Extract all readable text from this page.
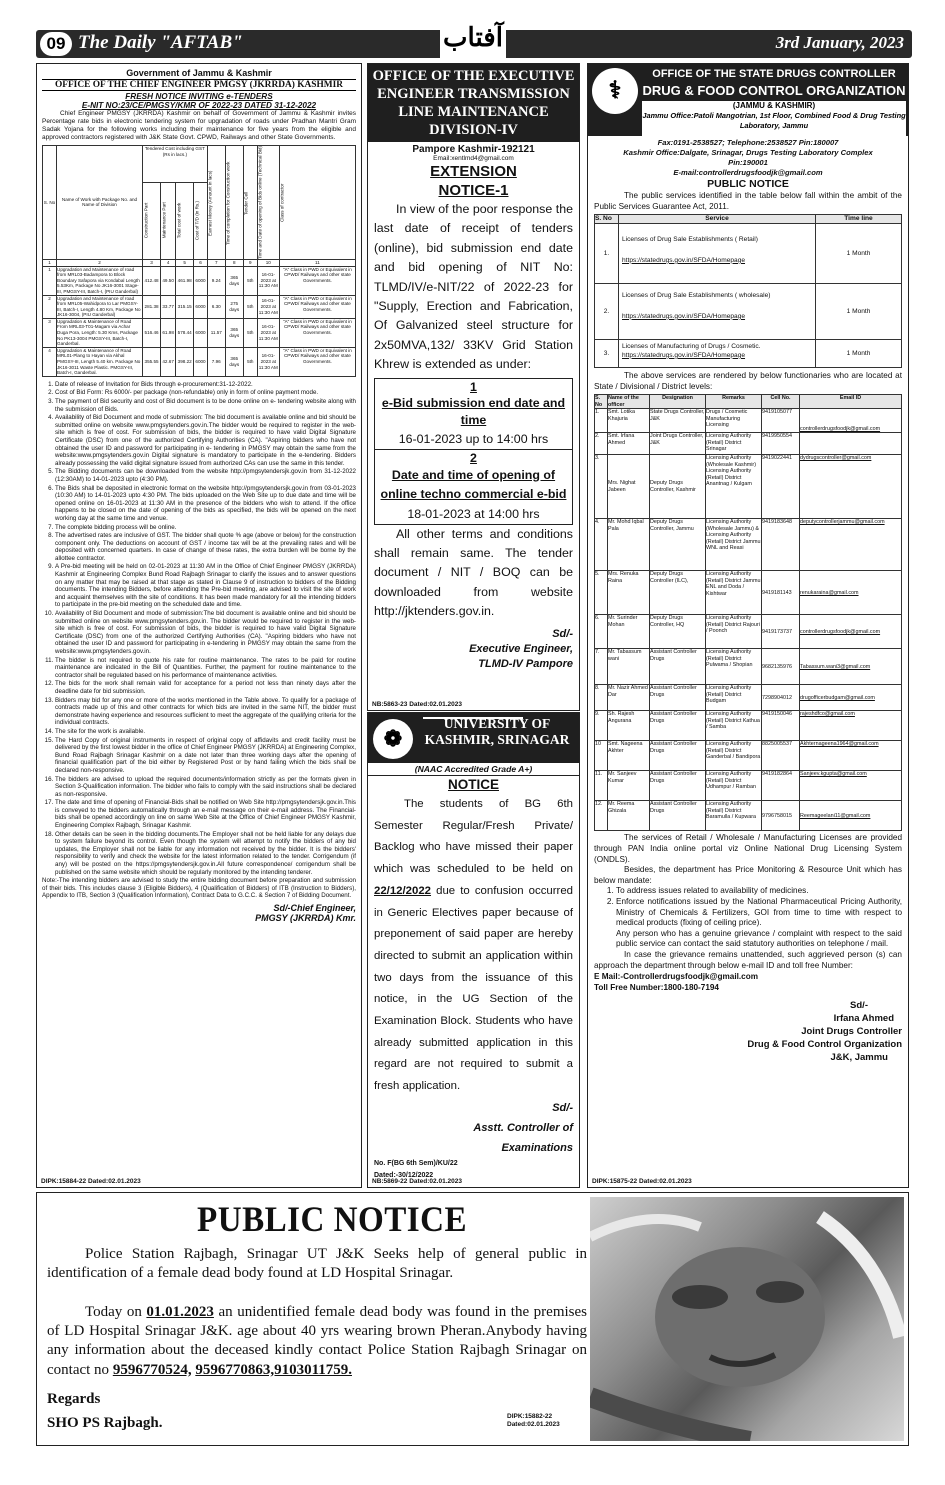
09 The Daily "AFTAB"	3rd January, 2023
آفتاب
Government of Jammu & Kashmir
OFFICE OF THE CHIEF ENGINEER PMGSY (JKRRDA) KASHMIR
FRESH NOTICE INVITING e-TENDERS
E-NIT NO:23/CE/PMGSY/KMR OF 2022-23 DATED 31-12-2022
Chief Engineer PMGSY (JKRRDA) Kashmir on behalf of Government of Jammu & Kashmir invites Percentage rate bids in electronic tendering system for upgradation of roads under Pradhan Mantri Gram Sadak Yojana for the following works including their maintenance for five years from the eligible and approved contractors registered with J&K State Govt. CPWD, Railways and other State Governments.
S. No	Name of Work with Package No. and Name of Division	Tendered Cost including GST (Rs in lacs.)				Earnest Money (Amount in lacs)	Time of completion for Construction work	Tender Cell	Time and Date of opening of Bids online (Technical Bid)	Class of contractor
		Construction Part	Maintenance Part	Total cost of work	Cost of T/D (in Rs.)					
1	2	3	4	5	6	7	8	9	10	11
1	Upgradation and Maintenance of road from MRL03-Badampora to Block Boundary Safapora via Kondabal Length 5.53Km, Package No JK16-3001 Stage-III, PMGSY-III, Batch-I, (PIU Ganderbal)	412.48	49.50	461.98	6000	9.24	365 days	5th	16-01-2023 at 11:30 AM	"A" Class in PWD or Equivalent in CPWD/ Railways and other state Governments.
2	Upgradation and Maintenance of road from MRL05-Wahidpora to Lar PMGSY-III, Batch-I, Length 4.80 Km, Package No JK16-3004, (PIU Ganderbal)	281.38	33.77	315.15	6000	6.30	275 days	5th	16-01-2023 at 11:30 AM	"A" Class in PWD or Equivalent in CPWD/ Railways and other state Governments.
3	Upgradation & Maintenance of Road From MRL03-T01-Magam via Achar Duga Pora, Length: 5.30 Kms, Package No PK13-3004 PMGSY-III, Batch-I, Ganderbal.	516.46	61.98	578.44	6000	11.57	365 days	5th	16-01-2023 at 11:30 AM	"A" Class in PWD or Equivalent in CPWD/ Railways and other state Governments.
4	Upgradation & Maintenance of Road MRL01-Plang to Hayan via Akhal PMGSY-III, Length 5.40 km. Package No JK16-3011 Waste Plastic. PMGSY-III, Batch-I, Ganderbal.	355.55	42.67	398.22	6000	7.96	365 days	5th	16-01-2023 at 11:30 AM	"A" Class in PWD or Equivalent in CPWD/ Railways and other state Governments.
1. Date of release of Invitation for Bids through e-procurement:31-12-2022.
2. Cost of Bid Form: Rs 6000/- per package (non-refundable) only in form of online payment mode.
3. The payment of Bid security and cost of Bid document is to be done online on e- tendering website along with the submission of Bids.
4. Availability of Bid Document and mode of submission: The bid document is available online and bid should be submitted online on website www.pmgsytenders.gov.in.The bidder would be required to register in the web-site which is free of cost. For submission of bids, the bidder is required to have valid Digital Signature Certificate (DSC) from one of the authorized Certifying Authorities (CA). "Aspiring bidders who have not obtained the user ID and password for participating in e- tendering in PMGSY may obtain the same from the website:www.pmgsytenders.gov.in Digital signature is mandatory to participate in the e-tendering. Bidders already possessing the valid digital signature issued from authorized CAs can use the same in this tender.
5. The Bidding documents can be downloaded from the website http://pmgsytendersjk.gov.in from 31-12-2022 (12:30AM) to 14-01-2023 upto (4:30 PM).
6. The Bids shall be deposited in electronic format on the website http://pmgsytendersjk.gov.in from 03-01-2023 (10:30 AM) to 14-01-2023 upto 4:30 PM. The bids uploaded on the Web Site up to due date and time will be opened online on 16-01-2023 at 11:30 AM in the presence of the bidders who wish to attend. If the office happens to be closed on the date of opening of the bids as specified, the bids will be opened on the next working day at the same time and venue.
7. The complete bidding process will be online.
8. The advertised rates are inclusive of GST. The bidder shall quote % age (above or below) for the construction component only. The deductions on account of GST / income tax will be at the prevailing rates and will be deposited with concerned quarters. In case of change of these rates, the extra burden will be borne by the allottee contractor.
9. A Pre-bid meeting will be held on 02-01-2023 at 11:30 AM in the Office of Chief Engineer PMGSY (JKRRDA) Kashmir at Engineering Complex Bund Road Rajbagh Srinagar to clarify the issues and to answer questions on any matter that may be raised at that stage as stated in Clause 9 of instruction to bidders of the Bidding documents. The intending Bidders, before attending the Pre-bid meeting, are advised to visit the site of work and acquaint themselves with the site of conditions. It has been made mandatory for all the intending bidders to participate in the pre-bid meeting on the scheduled date and time.
10. Availability of Bid Document and mode of submission:The bid document is available online and bid should be submitted online on website www.pmgsytenders.gov.in. The bidder would be required to register in the web-site which is free of cost. For submission of bids, the bidder is required to have valid Digital Signature Certificate (DSC) from one of the authorized Certifying Authorities (CA). "Aspiring bidders who have not obtained the user ID and password for participating in e-tendering in PMGSY may obtain the same from the website:www.pmgsytenders.gov.in.
11. The bidder is not required to quote his rate for routine maintenance. The rates to be paid for routine maintenance are indicated in the Bill of Quantities. Further, the payment for routine maintenance to the contractor shall be regulated based on his performance of maintenance activities.
12. The bids for the work shall remain valid for acceptance for a period not less than ninety days after the deadline date for bid submission.
13. Bidders may bid for any one or more of the works mentioned in the Table above. To qualify for a package of contracts made up of this and other contracts for which bids are invited in the same NIT, the bidder must demonstrate having experience and resources sufficient to meet the aggregate of the qualifying criteria for the individual contracts.
14. The site for the work is available.
15. The Hard Copy of original instruments in respect of original copy of affidavits and credit facility must be delivered by the first lowest bidder in the office of Chief Engineer PMGSY (JKRRDA) at Engineering Complex, Bund Road Rajbagh Srinagar Kashmir on a date not later than three working days after the opening of financial qualification part of the bid either by Registered Post or by hand failing which the bids shall be declared non-responsive.
16. The bidders are advised to upload the required documents/information strictly as per the formats given in Section 3-Qualification information. The bidder who fails to comply with the said instructions shall be declared as non-responsive.
17. The date and time of opening of Financial-Bids shall be notified on Web Site http://pmgsytendersjk.gov.in.This is conveyed to the bidders automatically through an e-mail message on their e-mail address. The Financial-bids shall be opened accordingly on line on same Web Site at the Office of Chief Engineer PMGSY Kashmir, Engineering Complex Rajbagh, Srinagar Kashmir.
18. Other details can be seen in the bidding documents.The Employer shall not be held liable for any delays due to system failure beyond its control. Even though the system will attempt to notify the bidders of any bid updates, the Employer shall not be liable for any information not received by the bidder. It is the bidders' responsibility to verify and check the website for the latest information related to the tender. Corrigendum (if any) will be posted on the https://pmgsytendersjk.gov.in.All future correspondence/ corrigendum shall be published on the same website which should be regularly monitored by the intending tenderer.
Note:-The intending bidders are advised to study the entire bidding document before preparation and submission of their bids. This includes clause 3 (Eligible Bidders), 4 (Qualification of Bidders) of ITB (Instruction to Bidders), Appendix to ITB, Section 3 (Qualification Information), Contract Data to G.C.C. & Section 7 of Bidding Document.
Sd/-Chief Engineer,
PMGSY (JKRRDA) Kmr.
DIPK:15884-22 Dated:02.01.2023
OFFICE OF THE EXECUTIVE ENGINEER TRANSMISSION LINE MAINTENANCE DIVISION-IV
Pampore Kashmir-192121
Email:xentlmd4@gmail.com
EXTENSION
NOTICE-1

In view of the poor response the last date of receipt of tenders (online), bid submission end date and bid opening of NIT No: TLMD/IV/e-NIT/22 of 2022-23 for "Supply, Erection and Fabrication, Of Galvanized steel structure for 2x50MVA,132/ 33KV Grid Station Khrew is extended as under:

1
e-Bid submission end date and time
16-01-2023 up to 14:00 hrs
2
Date and time of opening of online techno commercial e-bid
18-01-2023 at 14:00 hrs

All other terms and conditions shall remain same. The tender document / NIT / BOQ can be downloaded from website http://jktenders.gov.in.

Sd/-
Executive Engineer,
TLMD-IV Pampore
NB:5863-23 Dated:02.01.2023
❁
UNIVERSITY OF KASHMIR, SRINAGAR
(NAAC Accredited Grade A+)
NOTICE
The students of BG 6th Semester Regular/Fresh Private/ Backlog who have missed their paper which was scheduled to be held on 22/12/2022 due to confusion occurred in Generic Electives paper because of preponement of said paper are hereby directed to submit an application within two days from the issuance of this notice, in the UG Section of the Examination Block. Students who have already submitted application in this regard are not required to submit a fresh application.
Sd/-
Asstt. Controller of
Examinations
No. F(BG 6th Sem)/KU/22
Dated:-30/12/2022
NB:5869-22 Dated:02.01.2023
⚕
OFFICE OF THE STATE DRUGS CONTROLLER
DRUG & FOOD CONTROL ORGANIZATION
(JAMMU & KASHMIR)
Jammu Office:Patoli Mangotrian, 1st Floor, Combined Food & Drug Testing Laboratory, Jammu
Fax:0191-2538527; Telephone:2538527 Pin:180007
Kashmir Office:Dalgate, Srinagar, Drugs Testing Laboratory Complex
Pin:190001
E-mail:controllerdrugsfoodjk@gmail.com
PUBLIC NOTICE
The public services identified in the table below fall within the ambit of the Public Services Guarantee Act, 2011.
S. No	Service	Time line
1.	Licenses of Drug Sale Establishments ( Retail)
https://statedrugs.gov.in/SFDA/Homepage	1 Month
2.	Licenses of Drug Sale Establishments ( wholesale)
https://statedrugs.gov.in/SFDA/Homepage	1 Month
3.	Licenses of Manufacturing of Drugs / Cosmetic.
https://statedrugs.gov.in/SFDA/Homepage	1 Month
The above services are rendered by below functionaries who are located at State / Divisional / District levels:
S. No	Name of the officer	Designation	Remarks	Cell No.	Email ID
1.	Smt. Lotika Khajuria	State Drugs Controller, J&K	Drugs / Cosmetic Manufacturing Licensing	9419105077	controllerdrugsfoodjk@gmail.com
2.	Smt. Irfana Ahmed	Joint Drugs Controller, J&K	Licensing Authority (Retail) District Srinagar	9419950554	
3.	Mrs. Nighat Jabeen	Deputy Drugs Controller, Kashmir	Licensing Authority (Wholesale Kashmir) Licensing Authority (Retail) District Anantnag / Kulgam	9419022441	dydrugscontroller@gmail.com
4.	Mr. Mohd Iqbal Pala	Deputy Drugs Controller, Jammu	Licensing Authority (Wholesale Jammu) & Licensing Authority (Retail) District Jammu WNL and Reasi	9419183648	deputycontrollerjammu@gmail.com
5.	Mrs. Renuka Raina	Deputy Drugs Controller (ILC),	Licensing Authority (Retail) District Jammu ENL and Doda / Kishtwar	9419181143	renukaraina@gmail.com
6.	Mr. Surinder Mohan	Deputy Drugs Controller, HQ	Licensing Authority (Retail) District Rajouri / Poonch	9419173737	controllerdrugsfoodjk@gmail.com
7.	Mr. Tabassum wani	Assistant Controller Drugs	Licensing Authority (Retail) District Pulwama / Shopian	9682135976	Tabassum.wani3@gmail.com
8.	Mr. Nazir Ahmed Dar	Assistant Controller Drugs	Licensing Authority (Retail) District Budgam	7298904012	drugofficerbudgam@gmail.com
9.	Sh. Rajesh Angurana	Assistant Controller Drugs	Licensing Authority (Retail) District Kathua / Samba	9419150046	rajeshdfco@gmail.com
10	Smt. Nageena Akhter	Assistant Controller Drugs	Licensing Authority (Retail) District Ganderbal / Bandipora	8825005537	Akhternageena1964@gmail.com
11.	Mr. Sanjeev Kumar	Assistant Controller Drugs	Licensing Authority (Retail) District Udhampur / Ramban	9419182864	Sanjeev.kgupta@gmail.com
12.	Mr. Reema Ghizala	Assistant Controller Drugs	Licensing Authority (Retail) District Baramulla / Kupwara	9796758015	Reemageelani11@gmail.com
The services of Retail / Wholesale / Manufacturing Licenses are provided through PAN India online portal viz Online National Drug Licensing System (ONDLS).
Besides, the department has Price Monitoring & Resource Unit which has below mandate:
1. To address issues related to availability of medicines.
2. Enforce notifications issued by the National Pharmaceutical Pricing Authority, Ministry of Chemicals & Fertilizers, GOI from time to time with respect to medical products (fixing of ceiling price).
Any person who has a genuine grievance / complaint with respect to the said public service can contact the said statutory authorities on telephone / mail.
In case the grievance remains unattended, such aggrieved person (s) can approach the department through below e-mail ID and toll free Number:
E Mail:-Controllerdrugsfoodjk@gmail.com
Toll Free Number:1800-180-7194
Sd/-
Irfana Ahmed
Joint Drugs Controller
Drug & Food Control Organization
J&K, Jammu
DIPK:15875-22 Dated:02.01.2023
PUBLIC NOTICE
Police Station Rajbagh, Srinagar UT J&K Seeks help of general public in identification of a female dead body found at LD Hospital Srinagar.
Today on 01.01.2023 an unidentified female dead body was found in the premises of LD Hospital Srinagar J&K. age about 40 yrs wearing brown Pheran.Anybody having any information about the deceased kindly contact Police Station Rajbagh Srinagar on contact no 9596770524, 9596770863,9103011759.
Regards
SHO PS Rajbagh.	DIPK:15882-22
Dated:02.01.2023
